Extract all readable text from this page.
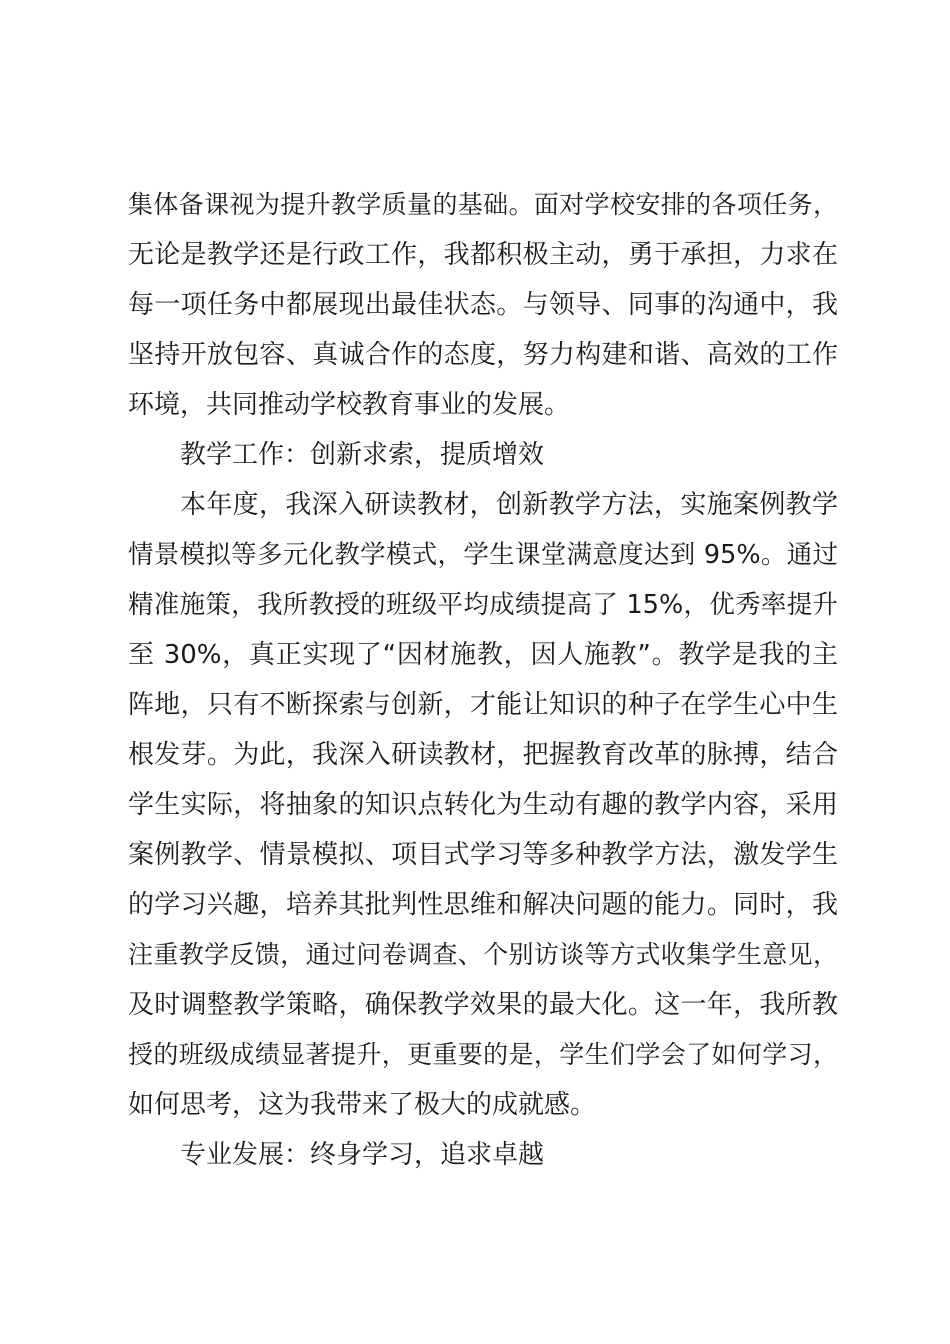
集体备课视为提升教学质量的基础。面对学校安排的各项任务，
无论是教学还是行政工作，我都积极主动，勇于承担，力求在
每一项任务中都展现出最佳状态。与领导、同事的沟通中，我
坚持开放包容、真诚合作的态度，努力构建和谐、高效的工作
环境，共同推动学校教育事业的发展。
教学工作：创新求索，提质增效
本年度，我深入研读教材，创新教学方法，实施案例教学
情景模拟等多元化教学模式，学生课堂满意度达到 95%。通过
精准施策，我所教授的班级平均成绩提高了 15%，优秀率提升
至 30%，真正实现了“因材施教，因人施教”。教学是我的主
阵地，只有不断探索与创新，才能让知识的种子在学生心中生
根发芽。为此，我深入研读教材，把握教育改革的脉搏，结合
学生实际，将抽象的知识点转化为生动有趣的教学内容，采用
案例教学、情景模拟、项目式学习等多种教学方法，激发学生
的学习兴趣，培养其批判性思维和解决问题的能力。同时，我
注重教学反馈，通过问卷调查、个别访谈等方式收集学生意见，
及时调整教学策略，确保教学效果的最大化。这一年，我所教
授的班级成绩显著提升，更重要的是，学生们学会了如何学习，
如何思考，这为我带来了极大的成就感。
专业发展：终身学习，追求卓越
